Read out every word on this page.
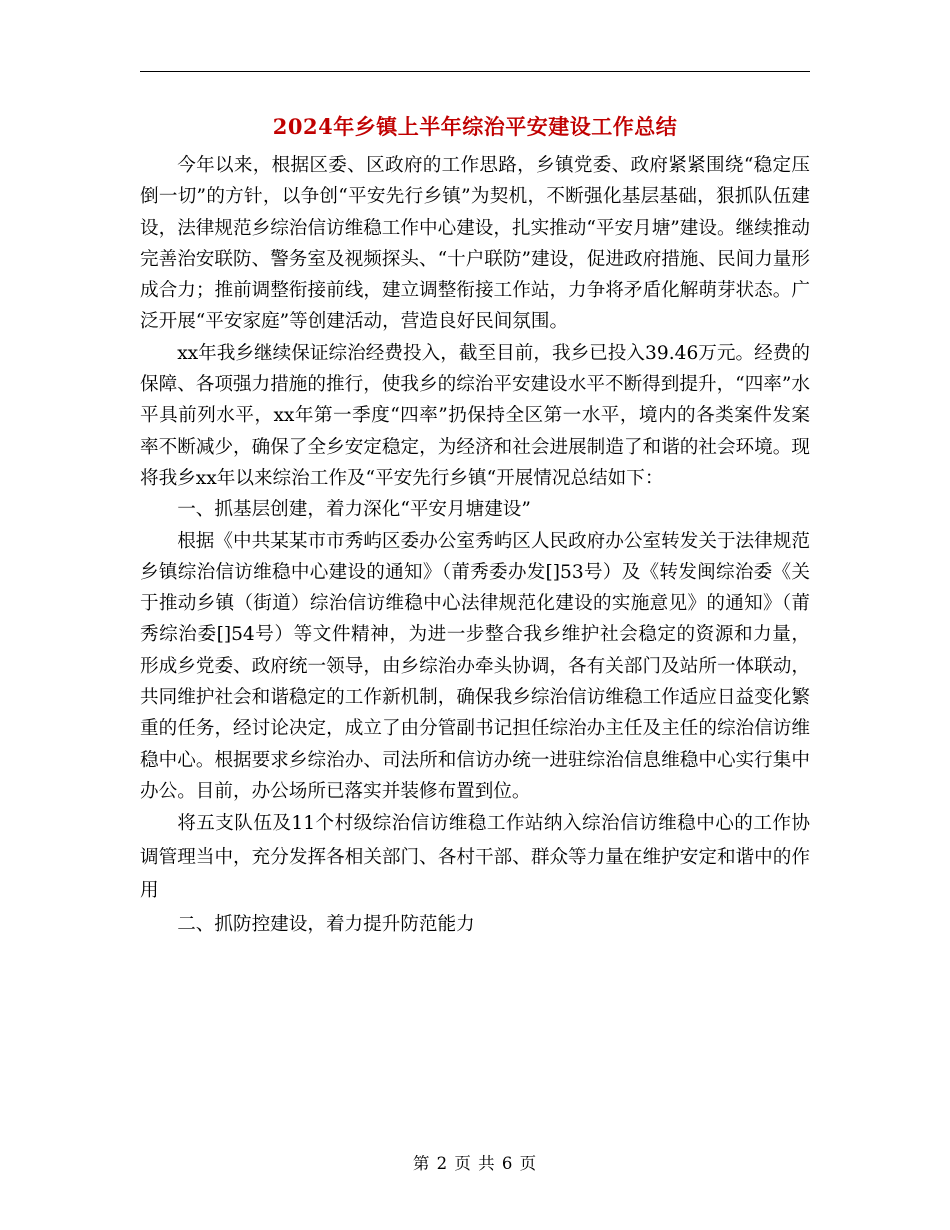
2024年乡镇上半年综治平安建设工作总结

今年以来，根据区委、区政府的工作思路，乡镇党委、政府紧紧围绕“稳定压倒一切”的方针，以争创“平安先行乡镇”为契机，不断强化基层基础，狠抓队伍建设，法律规范乡综治信访维稳工作中心建设，扎实推动“平安月塘”建设。继续推动完善治安联防、警务室及视频探头、“十户联防”建设，促进政府措施、民间力量形成合力；推前调整衔接前线，建立调整衔接工作站，力争将矛盾化解萌芽状态。广泛开展“平安家庭”等创建活动，营造良好民间氛围。

xx年我乡继续保证综治经费投入，截至目前，我乡已投入39.46万元。经费的保障、各项强力措施的推行，使我乡的综治平安建设水平不断得到提升，“四率”水平具前列水平，xx年第一季度“四率”扔保持全区第一水平，境内的各类案件发案率不断减少，确保了全乡安定稳定，为经济和社会进展制造了和谐的社会环境。现将我乡xx年以来综治工作及“平安先行乡镇“开展情况总结如下：

一、抓基层创建，着力深化“平安月塘建设”

根据《中共某某市市秀屿区委办公室秀屿区人民政府办公室转发关于法律规范乡镇综治信访维稳中心建设的通知》（莆秀委办发[]53号）及《转发闽综治委《关于推动乡镇（街道）综治信访维稳中心法律规范化建设的实施意见》的通知》（莆秀综治委[]54号）等文件精神，为进一步整合我乡维护社会稳定的资源和力量，形成乡党委、政府统一领导，由乡综治办牵头协调，各有关部门及站所一体联动，共同维护社会和谐稳定的工作新机制，确保我乡综治信访维稳工作适应日益变化繁重的任务，经讨论决定，成立了由分管副书记担任综治办主任及主任的综治信访维稳中心。根据要求乡综治办、司法所和信访办统一进驻综治信息维稳中心实行集中办公。目前，办公场所已落实并装修布置到位。

将五支队伍及11个村级综治信访维稳工作站纳入综治信访维稳中心的工作协调管理当中，充分发挥各相关部门、各村干部、群众等力量在维护安定和谐中的作用

二、抓防控建设，着力提升防范能力

第 2 页 共 6 页
